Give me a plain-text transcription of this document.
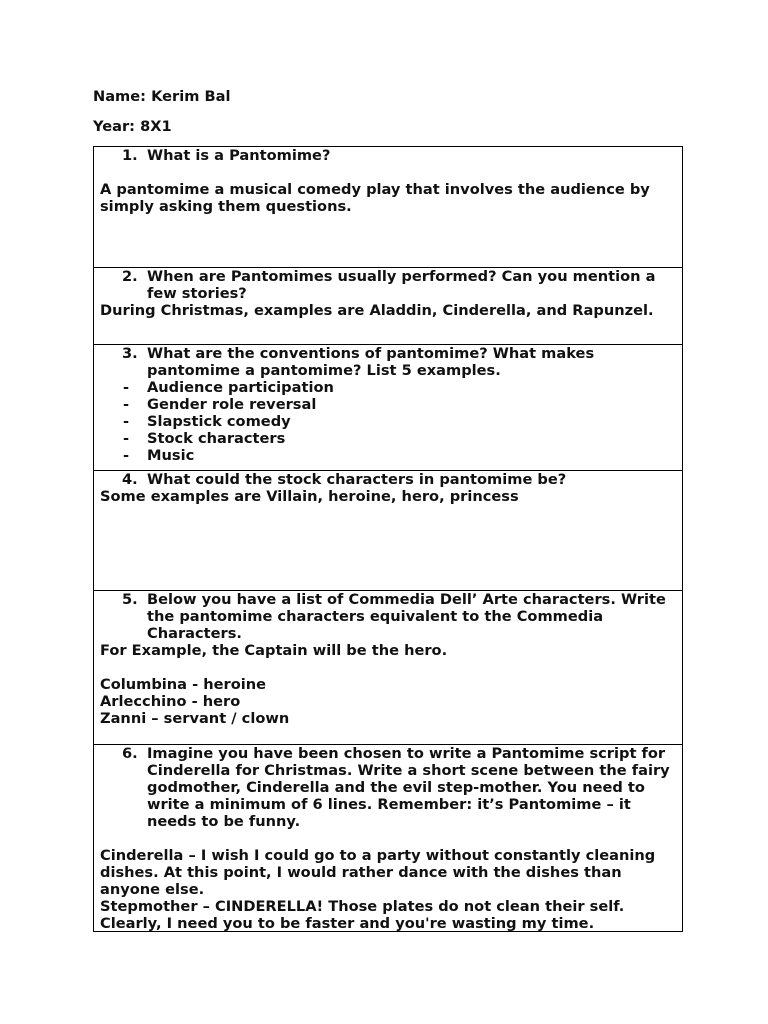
Name: Kerim Bal
Year: 8X1
1. What is a Pantomime?
A pantomime a musical comedy play that involves the audience by simply asking them questions.
2. When are Pantomimes usually performed? Can you mention a few stories?
During Christmas, examples are Aladdin, Cinderella, and Rapunzel.
3. What are the conventions of pantomime? What makes pantomime a pantomime? List 5 examples.
- Audience participation
- Gender role reversal
- Slapstick comedy
- Stock characters
- Music
4. What could the stock characters in pantomime be?
Some examples are Villain, heroine, hero, princess
5. Below you have a list of Commedia Dell’ Arte characters. Write the pantomime characters equivalent to the Commedia Characters.
For Example, the Captain will be the hero.
Columbina - heroine
Arlecchino - hero
Zanni – servant / clown
6. Imagine you have been chosen to write a Pantomime script for Cinderella for Christmas. Write a short scene between the fairy godmother, Cinderella and the evil step-mother. You need to write a minimum of 6 lines. Remember: it’s Pantomime – it needs to be funny.
Cinderella – I wish I could go to a party without constantly cleaning dishes. At this point, I would rather dance with the dishes than anyone else.
Stepmother – CINDERELLA! Those plates do not clean their self. Clearly, I need you to be faster and you're wasting my time.
